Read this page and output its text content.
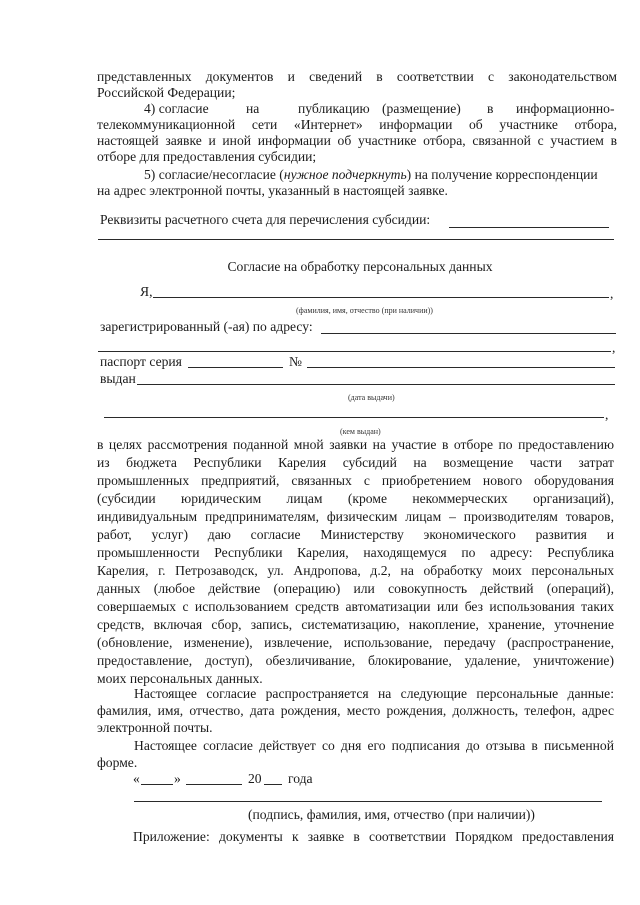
представленных документов и сведений в соответствии с законодательством
Российской Федерации;
4) согласие	на	публикацию (размещение) в информационно-
телекоммуникационной сети «Интернет» информации об участнике отбора,
настоящей заявке и иной информации об участнике отбора, связанной с участием в
отборе для предоставления субсидии;
5) согласие/несогласие (нужное подчеркнуть) на получение корреспонденции
на адрес электронной почты, указанный в настоящей заявке.
Реквизиты расчетного счета для перечисления субсидии:
Согласие на обработку персональных данных
Я,	,
(фамилия, имя, отчество (при наличии))
зарегистрированный (-ая) по адресу:
,
паспорт серия	№
выдан
(дата выдачи)
,
(кем выдан)
в целях рассмотрения поданной мной заявки на участие в отборе по предоставлению
из бюджета Республики Карелия субсидий на возмещение части затрат
промышленных предприятий, связанных с приобретением нового оборудования
(субсидии юридическим лицам (кроме некоммерческих организаций),
индивидуальным предпринимателям, физическим лицам – производителям товаров,
работ, услуг) даю согласие Министерству экономического развития и
промышленности Республики Карелия, находящемуся по адресу: Республика
Карелия, г. Петрозаводск, ул. Андропова, д.2, на обработку моих персональных
данных (любое действие (операцию) или совокупность действий (операций),
совершаемых с использованием средств автоматизации или без использования таких
средств, включая сбор, запись, систематизацию, накопление, хранение, уточнение
(обновление, изменение), извлечение, использование, передачу (распространение,
предоставление, доступ), обезличивание, блокирование, удаление, уничтожение)
моих персональных данных.
Настоящее согласие распространяется на следующие персональные данные:
фамилия, имя, отчество, дата рождения, место рождения, должность, телефон, адрес
электронной почты.
Настоящее согласие действует со дня его подписания до отзыва в письменной
форме.
«	»	20 года
(подпись, фамилия, имя, отчество (при наличии))
Приложение: документы к заявке в соответствии Порядком предоставления
